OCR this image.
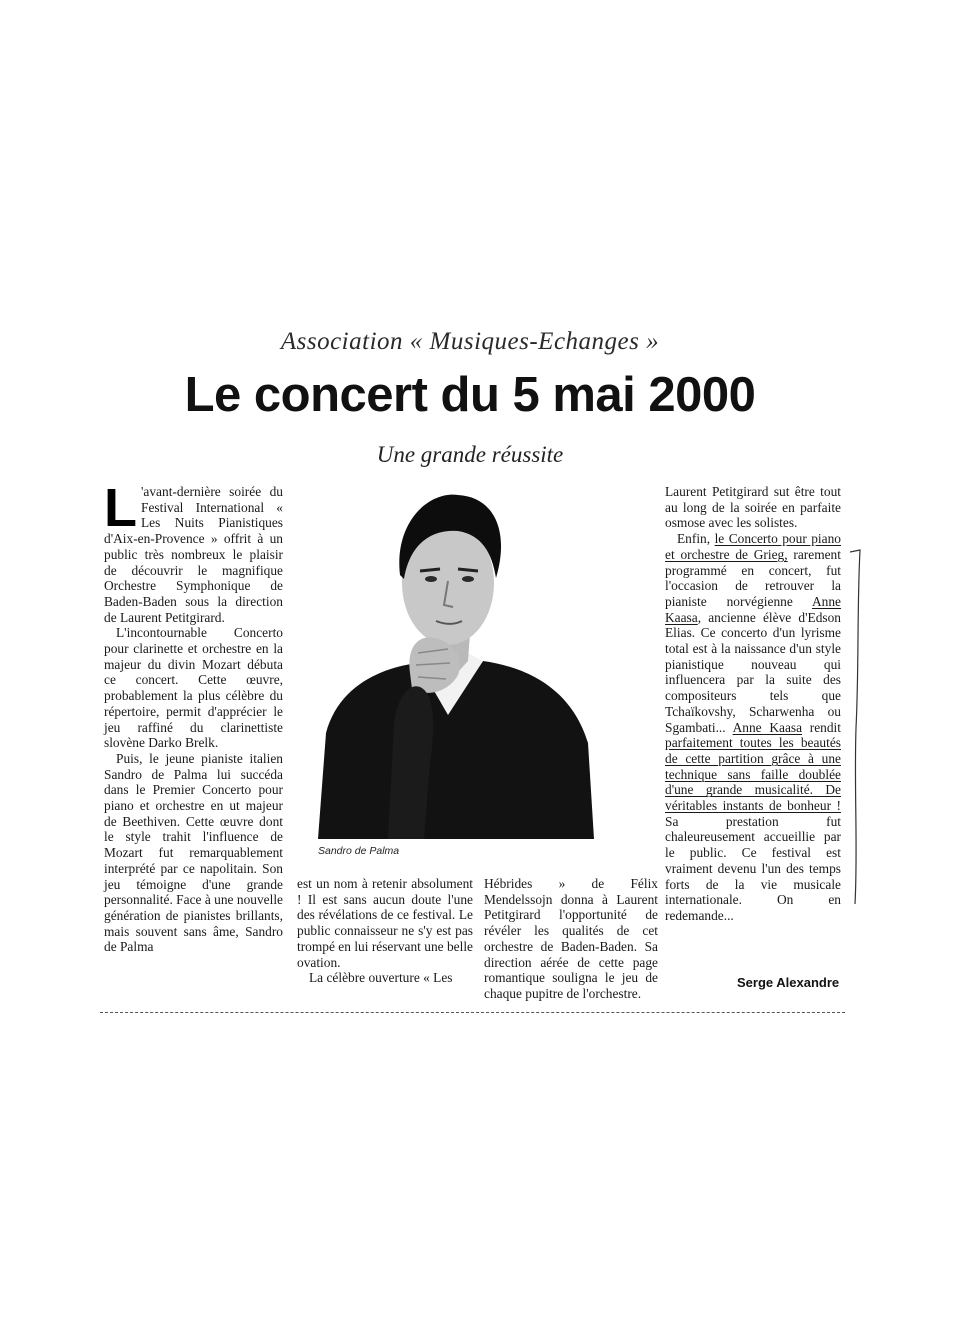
Association « Musiques-Echanges »
Le concert du 5 mai 2000
Une grande réussite

L 'avant-dernière soirée du Festival International « Les Nuits Pianistiques d'Aix-en-Provence » offrit à un public très nombreux le plaisir de découvrir le magnifique Orchestre Symphonique de Baden-Baden sous la direction de Laurent Petitgirard.

L'incontournable Concerto pour clarinette et orchestre en la majeur du divin Mozart débuta ce concert. Cette œuvre, probablement la plus célèbre du répertoire, permit d'apprécier le jeu raffiné du clarinettiste slovène Darko Brelk.

Puis, le jeune pianiste italien Sandro de Palma lui succéda dans le Premier Concerto pour piano et orchestre en ut majeur de Beethiven. Cette œuvre dont le style trahit l'influence de Mozart fut remarquablement interprété par ce napolitain. Son jeu témoigne d'une grande personnalité. Face à une nouvelle génération de pianistes brillants, mais souvent sans âme, Sandro de Palma

Sandro de Palma

est un nom à retenir absolument ! Il est sans aucun doute l'une des révélations de ce festival. Le public connaisseur ne s'y est pas trompé en lui réservant une belle ovation.

La célèbre ouverture « Les

Hébrides » de Félix Mendelssojn donna à Laurent Petitgirard l'opportunité de révéler les qualités de cet orchestre de Baden-Baden. Sa direction aérée de cette page romantique souligna le jeu de chaque pupitre de l'orchestre.

Laurent Petitgirard sut être tout au long de la soirée en parfaite osmose avec les solistes.

Enfin, le Concerto pour piano et orchestre de Grieg, rarement programmé en concert, fut l'occasion de retrouver la pianiste norvégienne Anne Kaasa, ancienne élève d'Edson Elias. Ce concerto d'un lyrisme total est à la naissance d'un style pianistique nouveau qui influencera par la suite des compositeurs tels que Tchaïkovshy, Scharwenha ou Sgambati... Anne Kaasa rendit parfaitement toutes les beautés de cette partition grâce à une technique sans faille doublée d'une grande musicalité. De véritables instants de bonheur ! Sa prestation fut chaleureusement accueillie par le public. Ce festival est vraiment devenu l'un des temps forts de la vie musicale internationale. On en redemande...

Serge Alexandre
